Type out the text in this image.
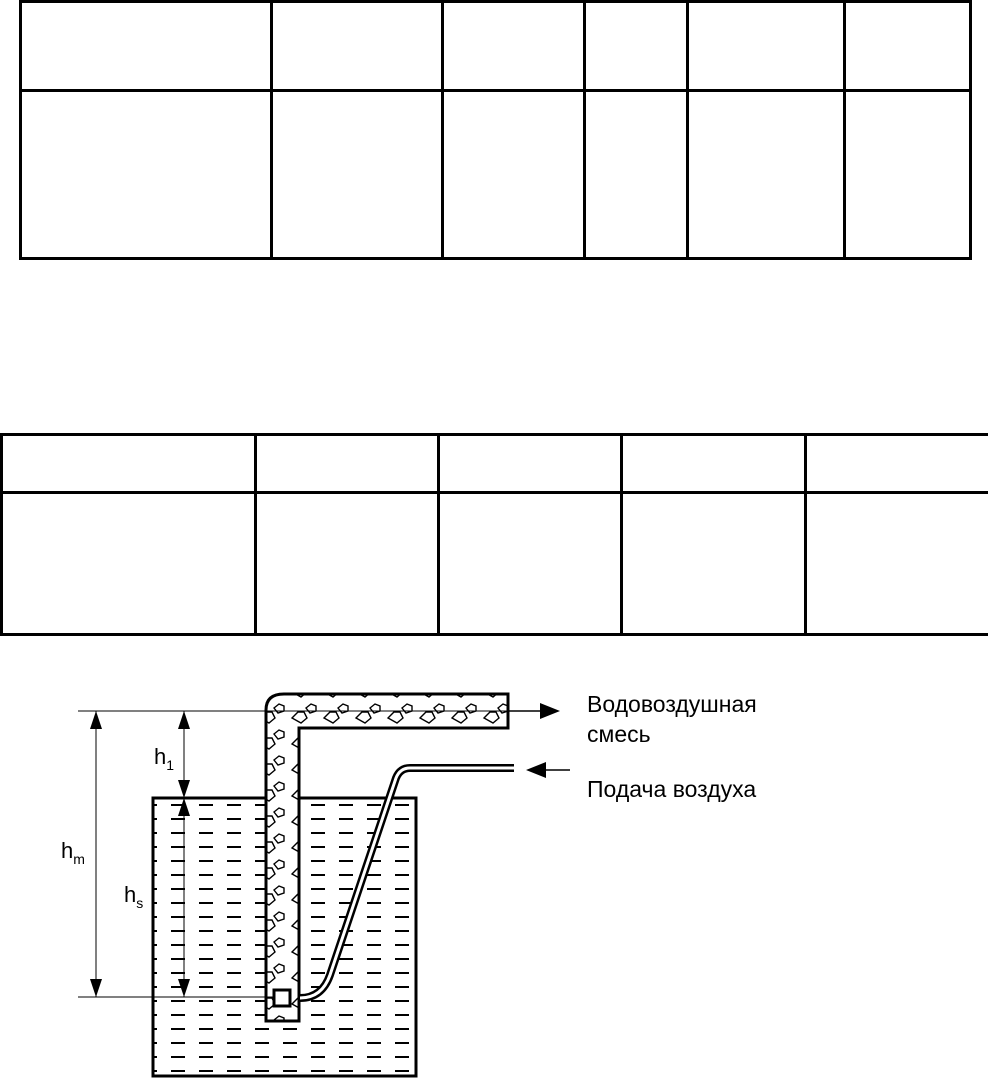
$h_1$
$h_m$
$h_s$
Водовоздушная
смесь
Подача воздуха
